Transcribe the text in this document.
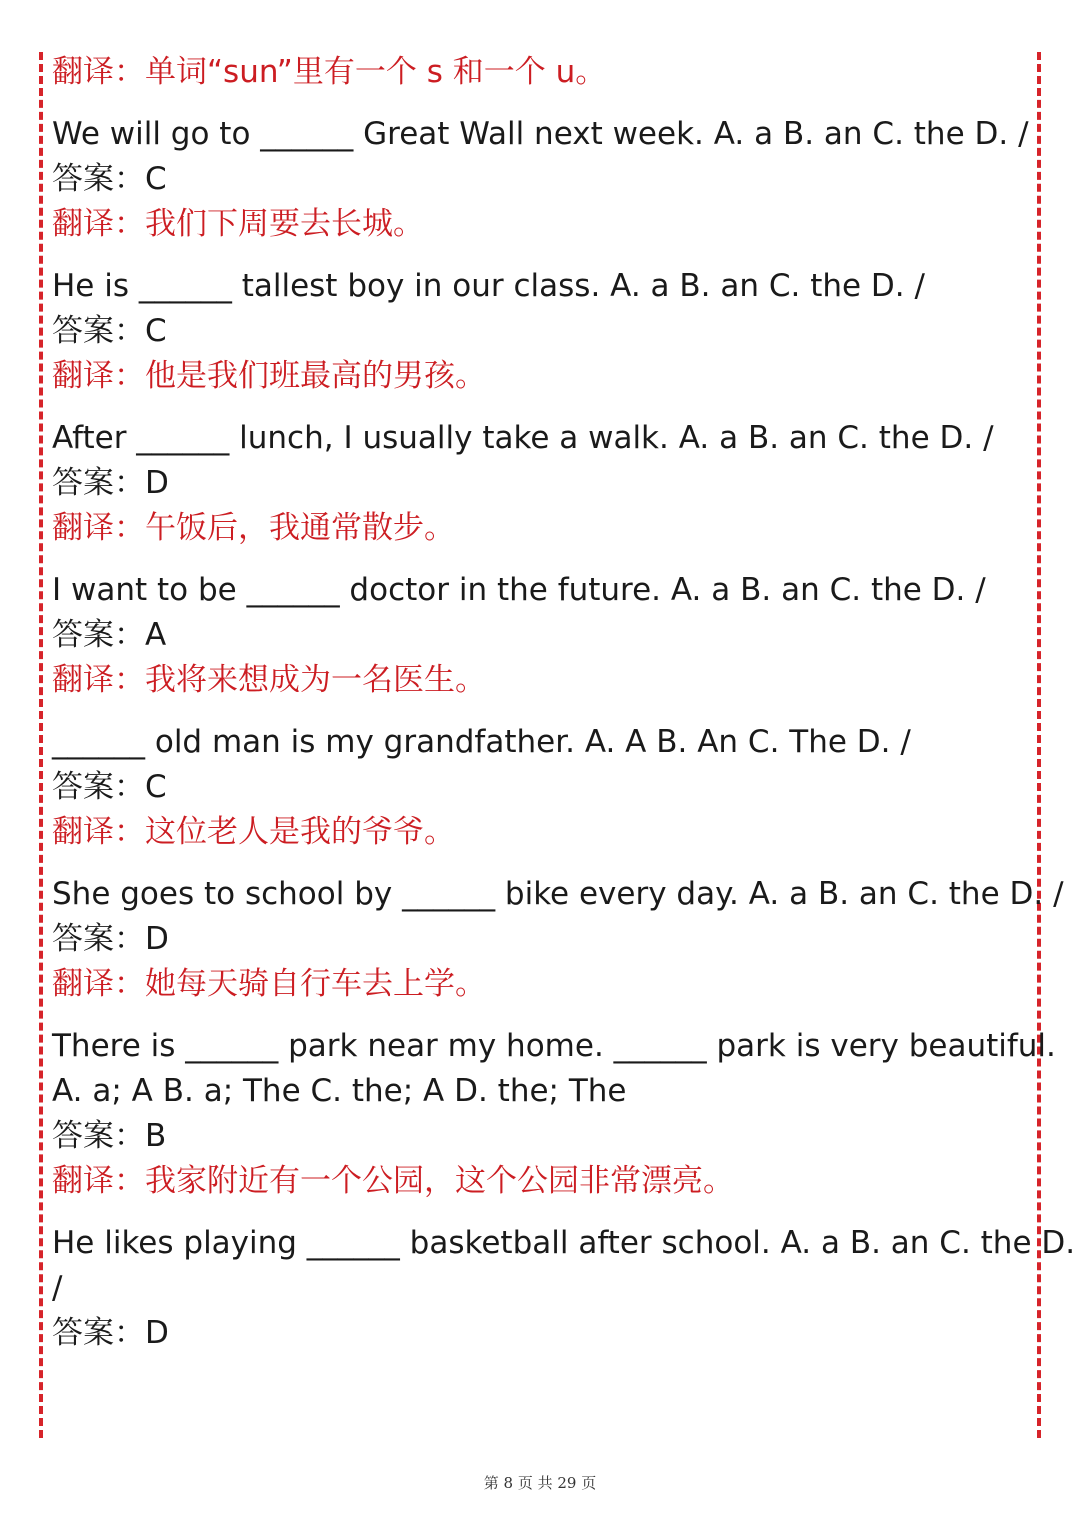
翻译：单词“sun”里有一个 s 和一个 u。
We will go to ______ Great Wall next week. A. a B. an C. the D. /
答案：C
翻译：我们下周要去长城。
He is ______ tallest boy in our class. A. a B. an C. the D. /
答案：C
翻译：他是我们班最高的男孩。
After ______ lunch, I usually take a walk. A. a B. an C. the D. /
答案：D
翻译：午饭后，我通常散步。
I want to be ______ doctor in the future. A. a B. an C. the D. /
答案：A
翻译：我将来想成为一名医生。
______ old man is my grandfather. A. A B. An C. The D. /
答案：C
翻译：这位老人是我的爷爷。
She goes to school by ______ bike every day. A. a B. an C. the D. /
答案：D
翻译：她每天骑自行车去上学。
There is ______ park near my home. ______ park is very beautiful.
A. a; A B. a; The C. the; A D. the; The
答案：B
翻译：我家附近有一个公园，这个公园非常漂亮。
He likes playing ______ basketball after school. A. a B. an C. the D.
/
答案：D
第 8 页 共 29 页
